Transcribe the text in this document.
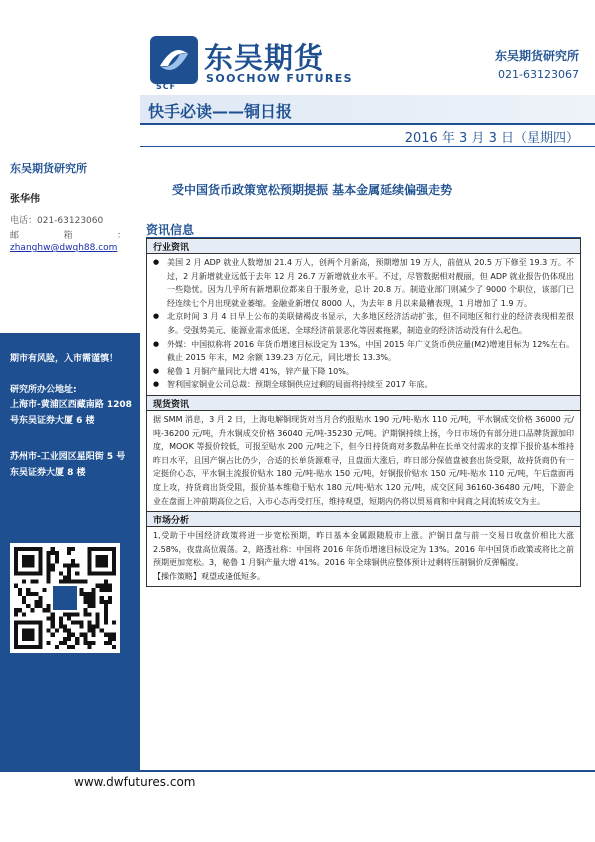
SCF
东吴期货
SOOCHOW FUTURES
东吴期货研究所
021-63123067
快手必读——铜日报
2016 年 3 月 3 日（星期四）
东吴期货研究所
张华伟
电话：021-63123060
邮	箱	：
zhanghw@dwqh88.com
期市有风险，入市需谨慎！
研究所办公地址:
上海市-黄浦区西藏南路 1208 号东吴证券大厦 6 楼
苏州市-工业园区星阳街 5 号东吴证券大厦 8 楼
受中国货币政策宽松预期提振 基本金属延续偏强走势
资讯信息
行业资讯
● 美国 2 月 ADP 就业人数增加 21.4 万人，创两个月新高，预期增加 19 万人，前值从 20.5 万下修至 19.3 万。不过，2 月新增就业远低于去年 12 月 26.7 万新增就业水平。不过，尽管数据相对靓丽，但 ADP 就业报告仍体现出一些隐忧。因为几乎所有新增职位都来自于服务业，总计 20.8 万。制造业部门则减少了 9000 个职位，该部门已经连续七个月出现就业萎缩。金融业新增仅 8000 人，为去年 8 月以来最糟表现，1 月增加了 1.9 万。
● 北京时间 3 月 4 日早上公布的美联储褐皮书显示，大多地区经济活动扩张，但不同地区和行业的经济表现相差很多。受强势美元、能源业需求低迷、全球经济前景恶化等因素拖累，制造业的经济活动没有什么起色。
● 外媒：中国拟称将 2016 年货币增速目标设定为 13%。中国 2015 年广义货币供应量(M2)增速目标为 12%左右。截止 2015 年末，M2 余额 139.23 万亿元，同比增长 13.3%。
● 秘鲁 1 月铜产量同比大增 41%，锌产量下降 10%。
● 智利国家铜业公司总裁：预期全球铜供应过剩的局面将持续至 2017 年底。
现货资讯
据 SMM 消息，3 月 2 日，上海电解铜现货对当月合约报贴水 190 元/吨-贴水 110 元/吨，平水铜成交价格 36000 元/吨-36200 元/吨，升水铜成交价格 36040 元/吨-35230 元/吨。沪期铜持续上扬，今日市场仍有部分进口品牌货源加印度，MOOK 等报价较低，可报至贴水 200 元/吨之下，但今日持货商对多数品种在长单交付需求的支撑下报价基本维持昨日水平，且国产铜占比仍少，合适的长单货源难寻，且盘面大涨后，昨日部分保值盘被套出货受限，故持货商仍有一定挺价心态，平水铜主流报价贴水 180 元/吨-贴水 150 元/吨，好铜报价贴水 150 元/吨-贴水 110 元/吨，午后盘面再度上攻，持货商出货受阻，报价基本维稳于贴水 180 元/吨-贴水 120 元/吨，成交区间 36160-36480 元/吨，下游企业在盘面上冲前期高位之后，入市心态再受打压，维持观望，短期内仍将以贸易商和中间商之间流转成交为主。
市场分析
1,受助于中国经济政策将进一步宽松预期，昨日基本金属跟随股市上涨。沪铜日盘与前一交易日收盘价相比大涨 2.58%，夜盘高位震荡。2，路透社称：中国将 2016 年货币增速目标设定为 13%。2016 年中国货币政策或将比之前预期更加宽松。3，秘鲁 1 月铜产量大增 41%。2016 年全球铜供应整体预计过剩将压制铜价反弹幅度。
【操作策略】观望或逢低短多。
www.dwfutures.com
